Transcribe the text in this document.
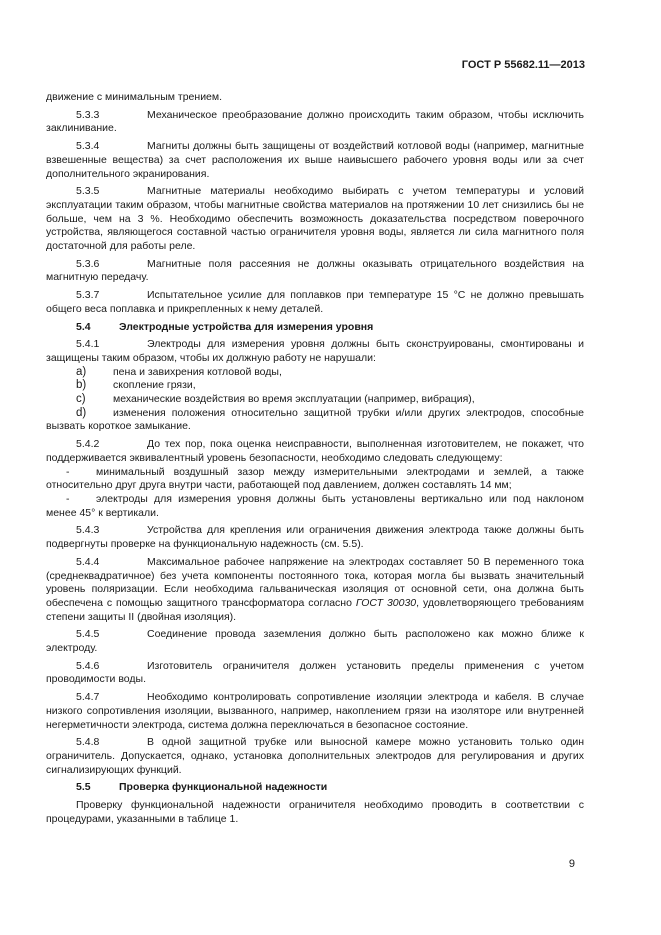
ГОСТ Р 55682.11—2013

движение с минимальным трением.

5.3.3	Механическое преобразование должно происходить таким образом, чтобы исключить заклинивание.

5.3.4	Магниты должны быть защищены от воздействий котловой воды (например, магнитные взвешенные вещества) за счет расположения их выше наивысшего рабочего уровня воды или за счет дополнительного экранирования.

5.3.5	Магнитные материалы необходимо выбирать с учетом температуры и условий эксплуатации таким образом, чтобы магнитные свойства материалов на протяжении 10 лет снизились бы не больше, чем на 3 %. Необходимо обеспечить возможность доказательства посредством поверочного устройства, являющегося составной частью ограничителя уровня воды, является ли сила магнитного поля достаточной для работы реле.

5.3.6	Магнитные поля рассеяния не должны оказывать отрицательного воздействия на магнитную передачу.

5.3.7	Испытательное усилие для поплавков при температуре 15 °С не должно превышать общего веса поплавка и прикрепленных к нему деталей.

5.4	Электродные устройства для измерения уровня

5.4.1	Электроды для измерения уровня должны быть сконструированы, смонтированы и защищены таким образом, чтобы их должную работу не нарушали:

a)	пена и завихрения котловой воды,

b)	скопление грязи,

c)	механические воздействия во время эксплуатации (например, вибрация),

d)	изменения положения относительно защитной трубки и/или других электродов, способные вызвать короткое замыкание.

5.4.2	До тех пор, пока оценка неисправности, выполненная изготовителем, не покажет, что поддерживается эквивалентный уровень безопасности, необходимо следовать следующему:

-	минимальный воздушный зазор между измерительными электродами и землей, а также относительно друг друга внутри части, работающей под давлением, должен составлять 14 мм;

-	электроды для измерения уровня должны быть установлены вертикально или под наклоном менее 45° к вертикали.

5.4.3	Устройства для крепления или ограничения движения электрода также должны быть подвергнуты проверке на функциональную надежность (см. 5.5).

5.4.4	Максимальное рабочее напряжение на электродах составляет 50 В переменного тока (среднеквадратичное) без учета компоненты постоянного тока, которая могла бы вызвать значительный уровень поляризации. Если необходима гальваническая изоляция от основной сети, она должна быть обеспечена с помощью защитного трансформатора согласно ГОСТ 30030, удовлетворяющего требованиям степени защиты II (двойная изоляция).

5.4.5	Соединение провода заземления должно быть расположено как можно ближе к электроду.

5.4.6	Изготовитель ограничителя должен установить пределы применения с учетом проводимости воды.

5.4.7	Необходимо контролировать сопротивление изоляции электрода и кабеля. В случае низкого сопротивления изоляции, вызванного, например, накоплением грязи на изоляторе или внутренней негерметичности электрода, система должна переключаться в безопасное состояние.

5.4.8	В одной защитной трубке или выносной камере можно установить только один ограничитель. Допускается, однако, установка дополнительных электродов для регулирования и других сигнализирующих функций.

5.5	Проверка функциональной надежности

Проверку функциональной надежности ограничителя необходимо проводить в соответствии с процедурами, указанными в таблице 1.

9
